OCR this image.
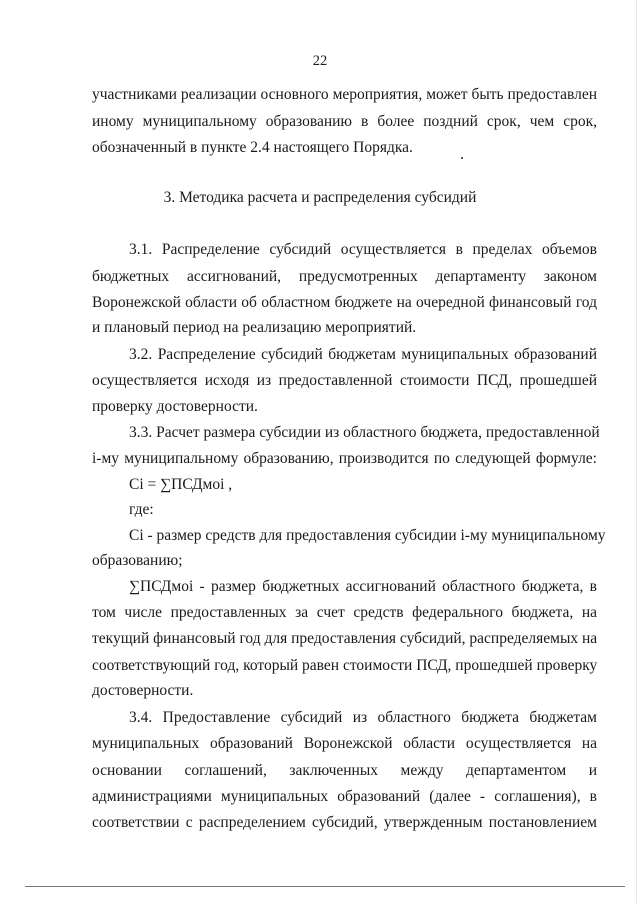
22
участниками реализации основного мероприятия, может быть предоставлен
иному муниципальному образованию в более поздний срок, чем срок,
обозначенный в пункте 2.4 настоящего Порядка.
3. Методика расчета и распределения субсидий
3.1. Распределение субсидий осуществляется в пределах объемов
бюджетных ассигнований, предусмотренных департаменту законом
Воронежской области об областном бюджете на очередной финансовый год
и плановый период на реализацию мероприятий.
3.2. Распределение субсидий бюджетам муниципальных образований
осуществляется исходя из предоставленной стоимости ПСД, прошедшей
проверку достоверности.
3.3. Расчет размера субсидии из областного бюджета, предоставленной
i-му муниципальному образованию, производится по следующей формуле:
Ci = ∑ПСДмоi ,
где:
Ci - размер средств для предоставления субсидии i-му муниципальному
образованию;
∑ПСДмоi - размер бюджетных ассигнований областного бюджета, в
том числе предоставленных за счет средств федерального бюджета, на
текущий финансовый год для предоставления субсидий, распределяемых на
соответствующий год, который равен стоимости ПСД, прошедшей проверку
достоверности.
3.4. Предоставление субсидий из областного бюджета бюджетам
муниципальных образований Воронежской области осуществляется на
основании соглашений, заключенных между департаментом и
администрациями муниципальных образований (далее - соглашения), в
соответствии с распределением субсидий, утвержденным постановлением
